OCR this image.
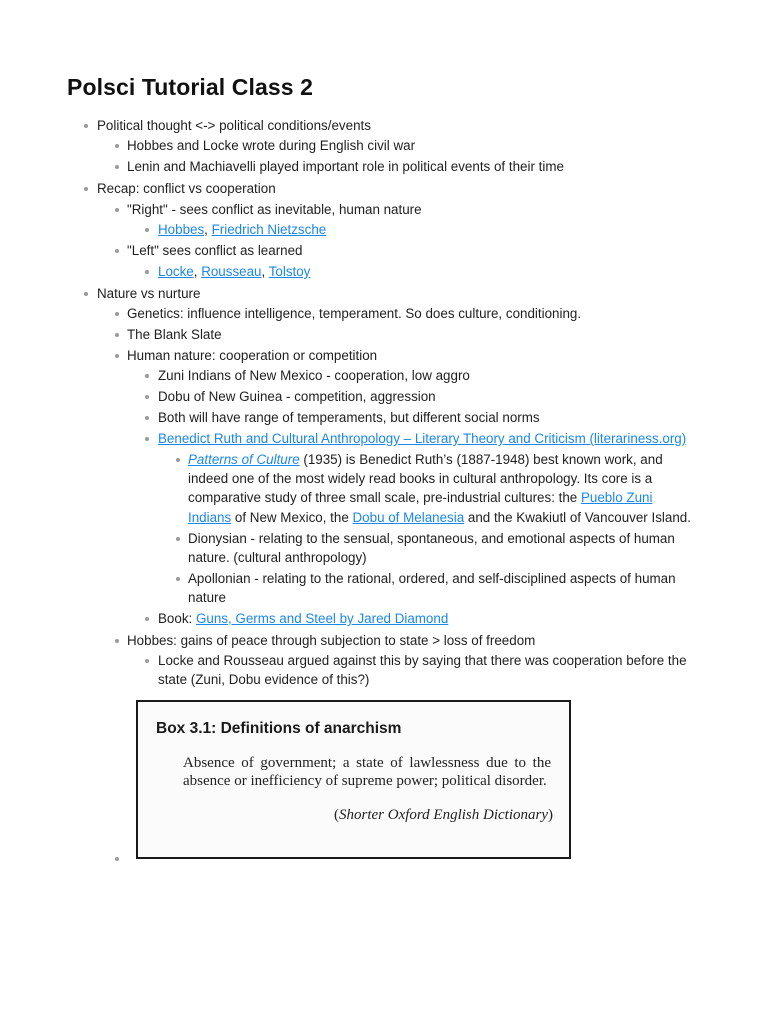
Polsci Tutorial Class 2
Political thought <-> political conditions/events
Hobbes and Locke wrote during English civil war
Lenin and Machiavelli played important role in political events of their time
Recap: conflict vs cooperation
"Right" - sees conflict as inevitable, human nature
Hobbes, Friedrich Nietzsche
"Left" sees conflict as learned
Locke, Rousseau, Tolstoy
Nature vs nurture
Genetics: influence intelligence, temperament. So does culture, conditioning.
The Blank Slate
Human nature: cooperation or competition
Zuni Indians of New Mexico - cooperation, low aggro
Dobu of New Guinea - competition, aggression
Both will have range of temperaments, but different social norms
Benedict Ruth and Cultural Anthropology – Literary Theory and Criticism (literariness.org)
Patterns of Culture (1935) is Benedict Ruth’s (1887-1948) best known work, and
indeed one of the most widely read books in cultural anthropology. Its core is a
comparative study of three small scale, pre-industrial cultures: the Pueblo Zuni
Indians of New Mexico, the Dobu of Melanesia and the Kwakiutl of Vancouver Island.
Dionysian - relating to the sensual, spontaneous, and emotional aspects of human
nature. (cultural anthropology)
Apollonian - relating to the rational, ordered, and self-disciplined aspects of human
nature
Book: Guns, Germs and Steel by Jared Diamond
Hobbes: gains of peace through subjection to state > loss of freedom
Locke and Rousseau argued against this by saying that there was cooperation before the
state (Zuni, Dobu evidence of this?)
Box 3.1: Definitions of anarchism
Absence of government; a state of lawlessness due to the absence or inefficiency of supreme power; political disorder.
(Shorter Oxford English Dictionary)
